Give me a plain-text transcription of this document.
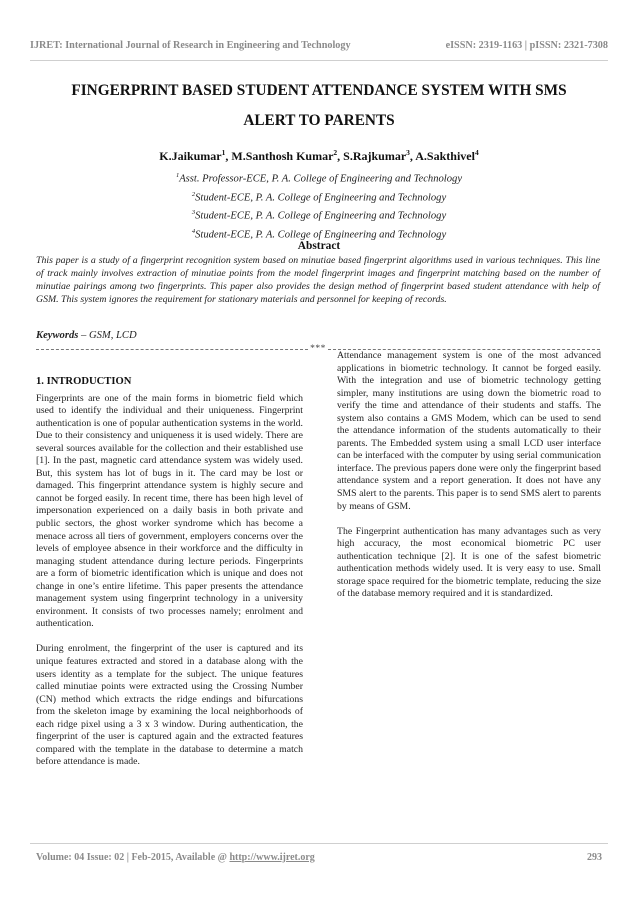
IJRET: International Journal of Research in Engineering and Technology	eISSN: 2319-1163 | pISSN: 2321-7308
FINGERPRINT BASED STUDENT ATTENDANCE SYSTEM WITH SMS
ALERT TO PARENTS
K.Jaikumar$^1$, M.Santhosh Kumar$^2$, S.Rajkumar$^3$, A.Sakthivel$^4$
$^1$Asst. Professor-ECE, P. A. College of Engineering and Technology
$^2$Student-ECE, P. A. College of Engineering and Technology
$^3$Student-ECE, P. A. College of Engineering and Technology
$^4$Student-ECE, P. A. College of Engineering and Technology
Abstract
This paper is a study of a fingerprint recognition system based on minutiae based fingerprint algorithms used in various techniques. This line of track mainly involves extraction of minutiae points from the model fingerprint images and fingerprint matching based on the number of minutiae pairings among two fingerprints. This paper also provides the design method of fingerprint based student attendance with help of GSM. This system ignores the requirement for stationary materials and personnel for keeping of records.
Keywords – GSM, LCD
***

1. INTRODUCTION

Fingerprints are one of the main forms in biometric field which used to identify the individual and their uniqueness. Fingerprint authentication is one of popular authentication systems in the world. Due to their consistency and uniqueness it is used widely. There are several sources available for the collection and their established use [1]. In the past, magnetic card attendance system was widely used. But, this system has lot of bugs in it. The card may be lost or damaged. This fingerprint attendance system is highly secure and cannot be forged easily. In recent time, there has been high level of impersonation experienced on a daily basis in both private and public sectors, the ghost worker syndrome which has become a menace across all tiers of government, employers concerns over the levels of employee absence in their workforce and the difficulty in managing student attendance during lecture periods. Fingerprints are a form of biometric identification which is unique and does not change in one’s entire lifetime. This paper presents the attendance management system using fingerprint technology in a university environment. It consists of two processes namely; enrolment and authentication.

During enrolment, the fingerprint of the user is captured and its unique features extracted and stored in a database along with the users identity as a template for the subject. The unique features called minutiae points were extracted using the Crossing Number (CN) method which extracts the ridge endings and bifurcations from the skeleton image by examining the local neighborhoods of each ridge pixel using a 3 x 3 window. During authentication, the fingerprint of the user is captured again and the extracted features compared with the template in the database to determine a match before attendance is made.

Attendance management system is one of the most advanced applications in biometric technology. It cannot be forged easily. With the integration and use of biometric technology getting simpler, many institutions are using down the biometric road to verify the time and attendance of their students and staffs. The system also contains a GMS Modem, which can be used to send the attendance information of the students automatically to their parents. The Embedded system using a small LCD user interface can be interfaced with the computer by using serial communication interface. The previous papers done were only the fingerprint based attendance system and a report generation. It does not have any SMS alert to the parents. This paper is to send SMS alert to parents by means of GSM.

The Fingerprint authentication has many advantages such as very high accuracy, the most economical biometric PC user authentication technique [2]. It is one of the safest biometric authentication methods widely used. It is very easy to use. Small storage space required for the biometric template, reducing the size of the database memory required and it is standardized.

Volume: 04 Issue: 02 | Feb-2015, Available @ http://www.ijret.org	293
